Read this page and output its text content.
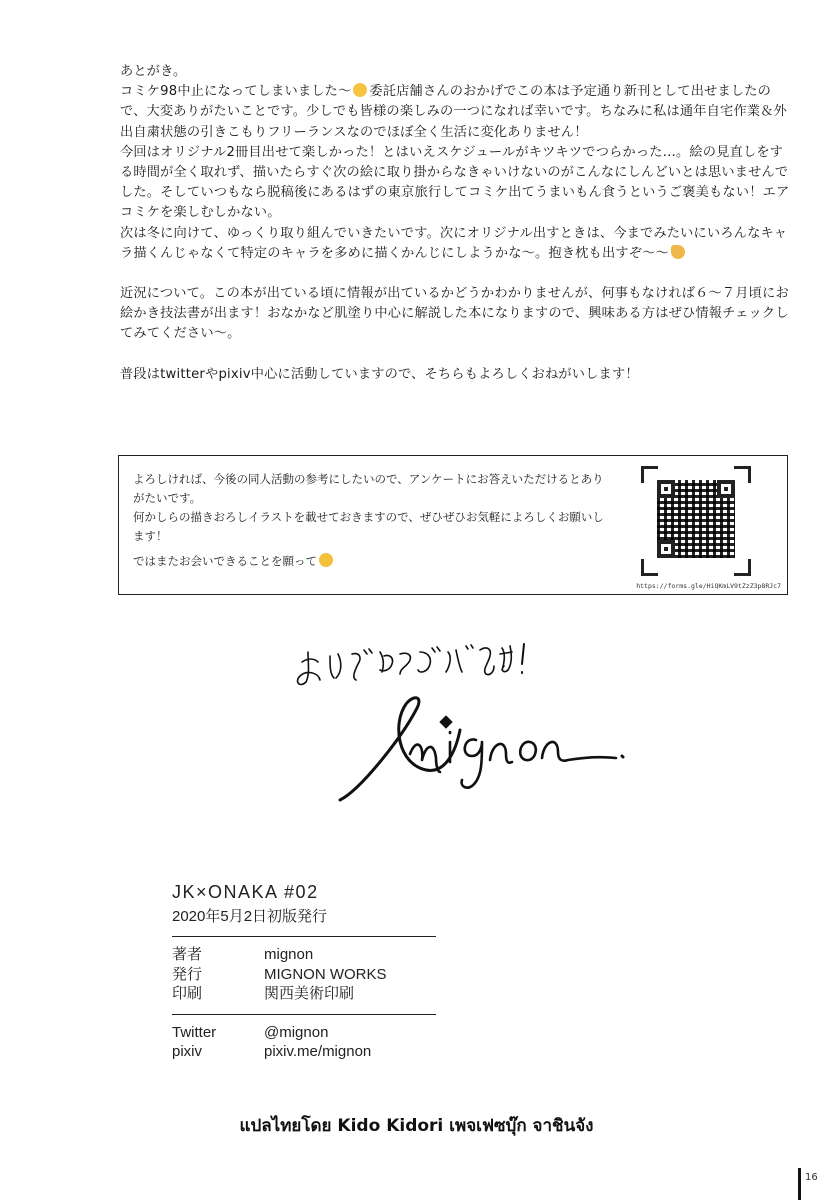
あとがき。

コミケ98中止になってしまいました〜 委託店舗さんのおかげでこの本は予定通り新刊として出せましたので、大変ありがたいことです。少しでも皆様の楽しみの一つになれば幸いです。ちなみに私は通年自宅作業＆外出自粛状態の引きこもりフリーランスなのでほぼ全く生活に変化ありません！

今回はオリジナル2冊目出せて楽しかった！とはいえスケジュールがキツキツでつらかった…。絵の見直しをする時間が全く取れず、描いたらすぐ次の絵に取り掛からなきゃいけないのがこんなにしんどいとは思いませんでした。そしていつもなら脱稿後にあるはずの東京旅行してコミケ出てうまいもん食うというご褒美もない！エアコミケを楽しむしかない。

次は冬に向けて、ゆっくり取り組んでいきたいです。次にオリジナル出すときは、今までみたいにいろんなキャラ描くんじゃなくて特定のキャラを多めに描くかんじにしようかな〜。抱き枕も出すぞ〜〜

近況について。この本が出ている頃に情報が出ているかどうかわかりませんが、何事もなければ６〜７月頃にお絵かき技法書が出ます！おなかなど肌塗り中心に解説した本になりますので、興味ある方はぜひ情報チェックしてみてください〜。

普段はtwitterやpixiv中心に活動していますので、そちらもよろしくおねがいします！

よろしければ、今後の同人活動の参考にしたいので、アンケートにお答えいただけるとありがたいです。

何かしらの描きおろしイラストを載せておきますので、ぜひぜひお気軽によろしくお願いします！

ではまたお会いできることを願って

https://forms.gle/HiQKmLV9tZzZ3p8RJc7
JK×ONAKA #02
2020年5月2日初版発行
著者	mignon
発行	MIGNON WORKS
印刷	関西美術印刷
Twitter	@mignon
pixiv	pixiv.me/mignon
แปลไทยโดย Kido Kidori เพจเฟซบุ๊ก จาชินจัง
16
